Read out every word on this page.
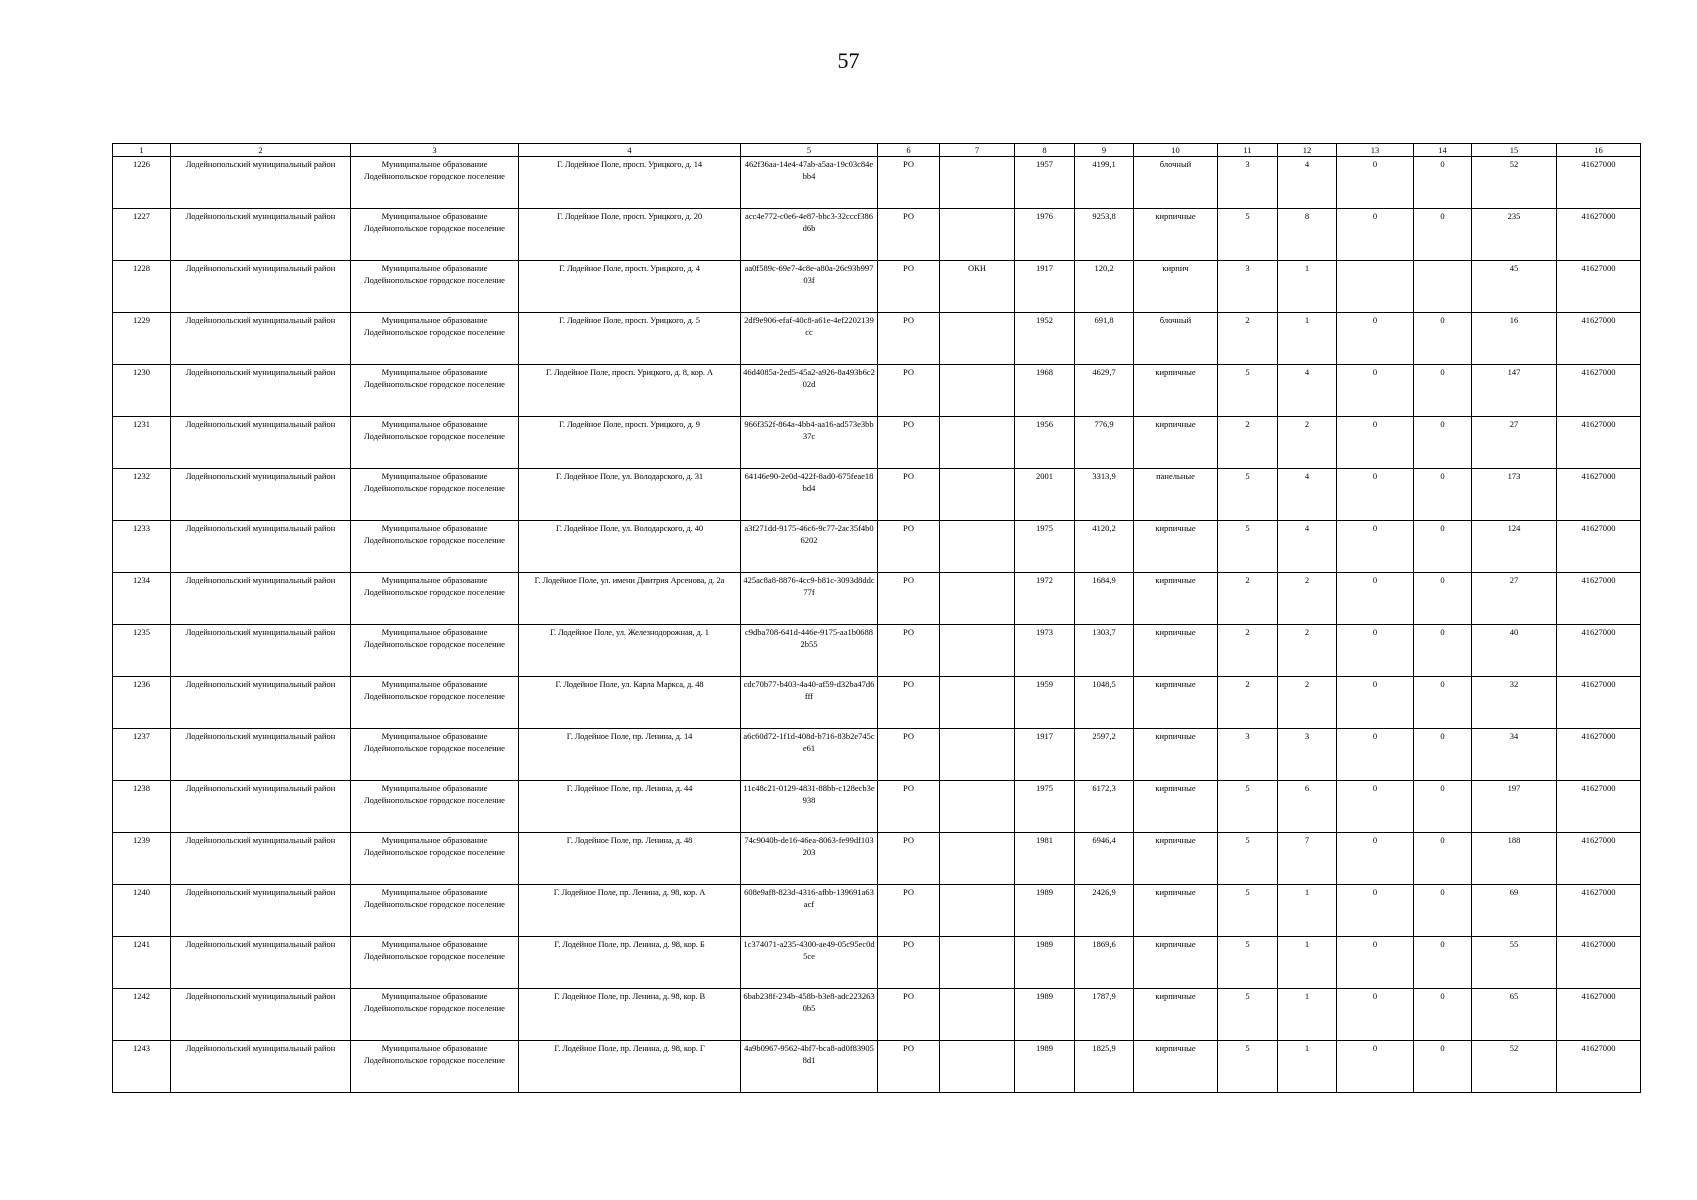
57
1	2	3	4	5	6	7	8	9	10	11	12	13	14	15	16
1226	Лодейнопольский муниципальный район	Муниципальное образование Лодейнопольское городское поселение	Г. Лодейное Поле, просп. Урицкого, д. 14	462f36aa-14e4-47ab-a5aa-19c03c84ebb4	РО		1957	4199,1	блочный	3	4	0	0	52	41627000
1227	Лодейнопольский муниципальный район	Муниципальное образование Лодейнопольское городское поселение	Г. Лодейное Поле, просп. Урицкого, д. 20	acc4e772-c0e6-4e87-bbc3-32cccf386d6b	РО		1976	9253,8	кирпичные	5	8	0	0	235	41627000
1228	Лодейнопольский муниципальный район	Муниципальное образование Лодейнопольское городское поселение	Г. Лодейное Поле, просп. Урицкого, д. 4	aa0f589c-69e7-4c8e-a80a-26c93b99703f	РО	ОКН	1917	120,2	кирпич	3	1			45	41627000
1229	Лодейнопольский муниципальный район	Муниципальное образование Лодейнопольское городское поселение	Г. Лодейное Поле, просп. Урицкого, д. 5	2df9e906-efaf-40c8-a61e-4ef2202139cc	РО		1952	691,8	блочный	2	1	0	0	16	41627000
1230	Лодейнопольский муниципальный район	Муниципальное образование Лодейнопольское городское поселение	Г. Лодейное Поле, просп. Урицкого, д. 8, кор. А	46d4085a-2ed5-45a2-a926-8a493b6c202d	РО		1968	4629,7	кирпичные	5	4	0	0	147	41627000
1231	Лодейнопольский муниципальный район	Муниципальное образование Лодейнопольское городское поселение	Г. Лодейное Поле, просп. Урицкого, д. 9	966f352f-864a-4bb4-aa16-ad573e3bb37c	РО		1956	776,9	кирпичные	2	2	0	0	27	41627000
1232	Лодейнопольский муниципальный район	Муниципальное образование Лодейнопольское городское поселение	Г. Лодейное Поле, ул. Володарского, д. 31	64146e90-2e0d-422f-8ad0-675feae18bd4	РО		2001	3313,9	панельные	5	4	0	0	173	41627000
1233	Лодейнопольский муниципальный район	Муниципальное образование Лодейнопольское городское поселение	Г. Лодейное Поле, ул. Володарского, д. 40	a3f271dd-9175-46c6-9c77-2ac35f4b06202	РО		1975	4120,2	кирпичные	5	4	0	0	124	41627000
1234	Лодейнопольский муниципальный район	Муниципальное образование Лодейнопольское городское поселение	Г. Лодейное Поле, ул. имени Дмитрия Арсенова, д. 2а	425ac8a8-8876-4cc9-b81c-3093d8ddc77f	РО		1972	1684,9	кирпичные	2	2	0	0	27	41627000
1235	Лодейнопольский муниципальный район	Муниципальное образование Лодейнопольское городское поселение	Г. Лодейное Поле, ул. Железнодорожная, д. 1	c9dba708-641d-446e-9175-aa1b06882b55	РО		1973	1303,7	кирпичные	2	2	0	0	40	41627000
1236	Лодейнопольский муниципальный район	Муниципальное образование Лодейнопольское городское поселение	Г. Лодейное Поле, ул. Карла Маркса, д. 48	cdc70b77-b403-4a40-af59-d32ba47d6fff	РО		1959	1048,5	кирпичные	2	2	0	0	32	41627000
1237	Лодейнопольский муниципальный район	Муниципальное образование Лодейнопольское городское поселение	Г. Лодейное Поле, пр. Ленина, д. 14	a6c60d72-1f1d-408d-b716-83b2e745ce61	РО		1917	2597,2	кирпичные	3	3	0	0	34	41627000
1238	Лодейнопольский муниципальный район	Муниципальное образование Лодейнопольское городское поселение	Г. Лодейное Поле, пр. Ленина, д. 44	11c48c21-0129-4831-88bb-c128ecb3e938	РО		1975	6172,3	кирпичные	5	6	0	0	197	41627000
1239	Лодейнопольский муниципальный район	Муниципальное образование Лодейнопольское городское поселение	Г. Лодейное Поле, пр. Ленина, д. 48	74c9040b-de16-46ea-8063-fe99df103203	РО		1981	6946,4	кирпичные	5	7	0	0	188	41627000
1240	Лодейнопольский муниципальный район	Муниципальное образование Лодейнопольское городское поселение	Г. Лодейное Поле, пр. Ленина, д. 98, кор. А	608e9af8-823d-4316-afbb-139691a63acf	РО		1989	2426,9	кирпичные	5	1	0	0	69	41627000
1241	Лодейнопольский муниципальный район	Муниципальное образование Лодейнопольское городское поселение	Г. Лодейное Поле, пр. Ленина, д. 98, кор. Б	1c374071-a235-4300-ae49-05c95ec0d5ce	РО		1989	1869,6	кирпичные	5	1	0	0	55	41627000
1242	Лодейнопольский муниципальный район	Муниципальное образование Лодейнопольское городское поселение	Г. Лодейное Поле, пр. Ленина, д. 98, кор. В	6bab238f-234b-458b-b3e8-adc2232630b5	РО		1989	1787,9	кирпичные	5	1	0	0	65	41627000
1243	Лодейнопольский муниципальный район	Муниципальное образование Лодейнопольское городское поселение	Г. Лодейное Поле, пр. Ленина, д. 98, кор. Г	4a9b0967-9562-4bf7-bca8-ad0f839058d1	РО		1989	1825,9	кирпичные	5	1	0	0	52	41627000
